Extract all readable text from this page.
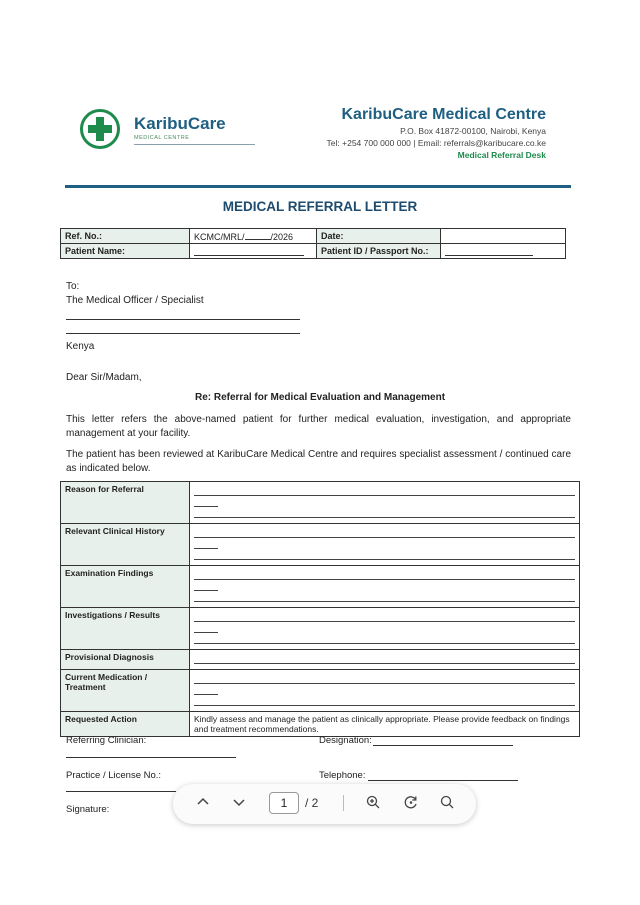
KaribuCare
MEDICAL CENTRE
KaribuCare Medical Centre
P.O. Box 41872-00100, Nairobi, Kenya
Tel: +254 700 000 000 | Email: referrals@karibucare.co.ke
Medical Referral Desk
MEDICAL REFERRAL LETTER
Ref. No.:	KCMC/MRL/ /2026	Date:	
Patient Name:		Patient ID / Passport No.:	
To:
The Medical Officer / Specialist
Kenya
Dear Sir/Madam,
Re: Referral for Medical Evaluation and Management
This letter refers the above-named patient for further medical evaluation, investigation, and appropriate management at your facility.
The patient has been reviewed at KaribuCare Medical Centre and requires specialist assessment / continued care as indicated below.
Reason for Referral	

Relevant Clinical History	

Examination Findings	

Investigations / Results	

Provisional Diagnosis	

Current Medication / Treatment	

Requested Action	Kindly assess and manage the patient as clinically appropriate. Please provide feedback on findings and treatment recommendations.
Referring Clinician:	Designation:
Practice / License No.:	Telephone:
Signature:	1	/ 2
